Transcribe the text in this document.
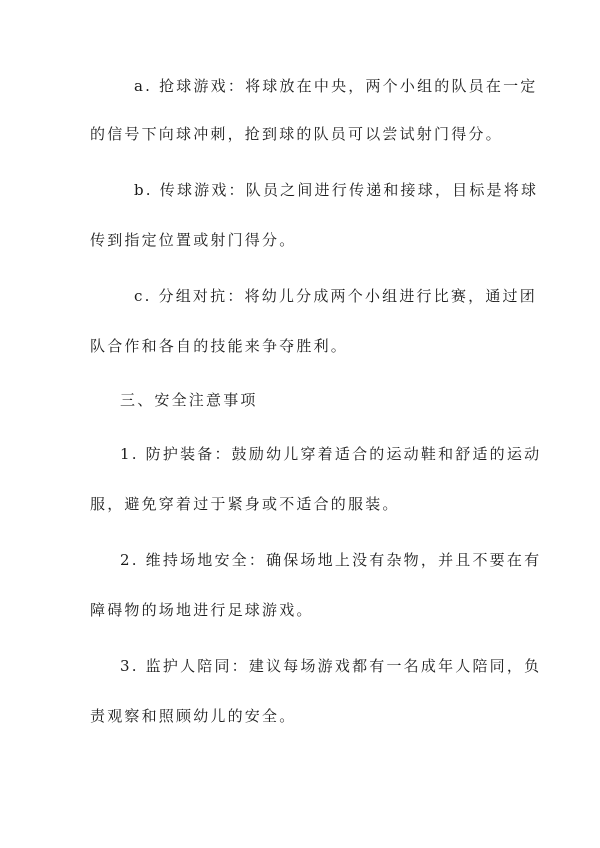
a. 抢球游戏：将球放在中央，两个小组的队员在一定
的信号下向球冲刺，抢到球的队员可以尝试射门得分。
b. 传球游戏：队员之间进行传递和接球，目标是将球
传到指定位置或射门得分。
c. 分组对抗：将幼儿分成两个小组进行比赛，通过团
队合作和各自的技能来争夺胜利。
三、安全注意事项
1. 防护装备：鼓励幼儿穿着适合的运动鞋和舒适的运动
服，避免穿着过于紧身或不适合的服装。
2. 维持场地安全：确保场地上没有杂物，并且不要在有
障碍物的场地进行足球游戏。
3. 监护人陪同：建议每场游戏都有一名成年人陪同，负
责观察和照顾幼儿的安全。
